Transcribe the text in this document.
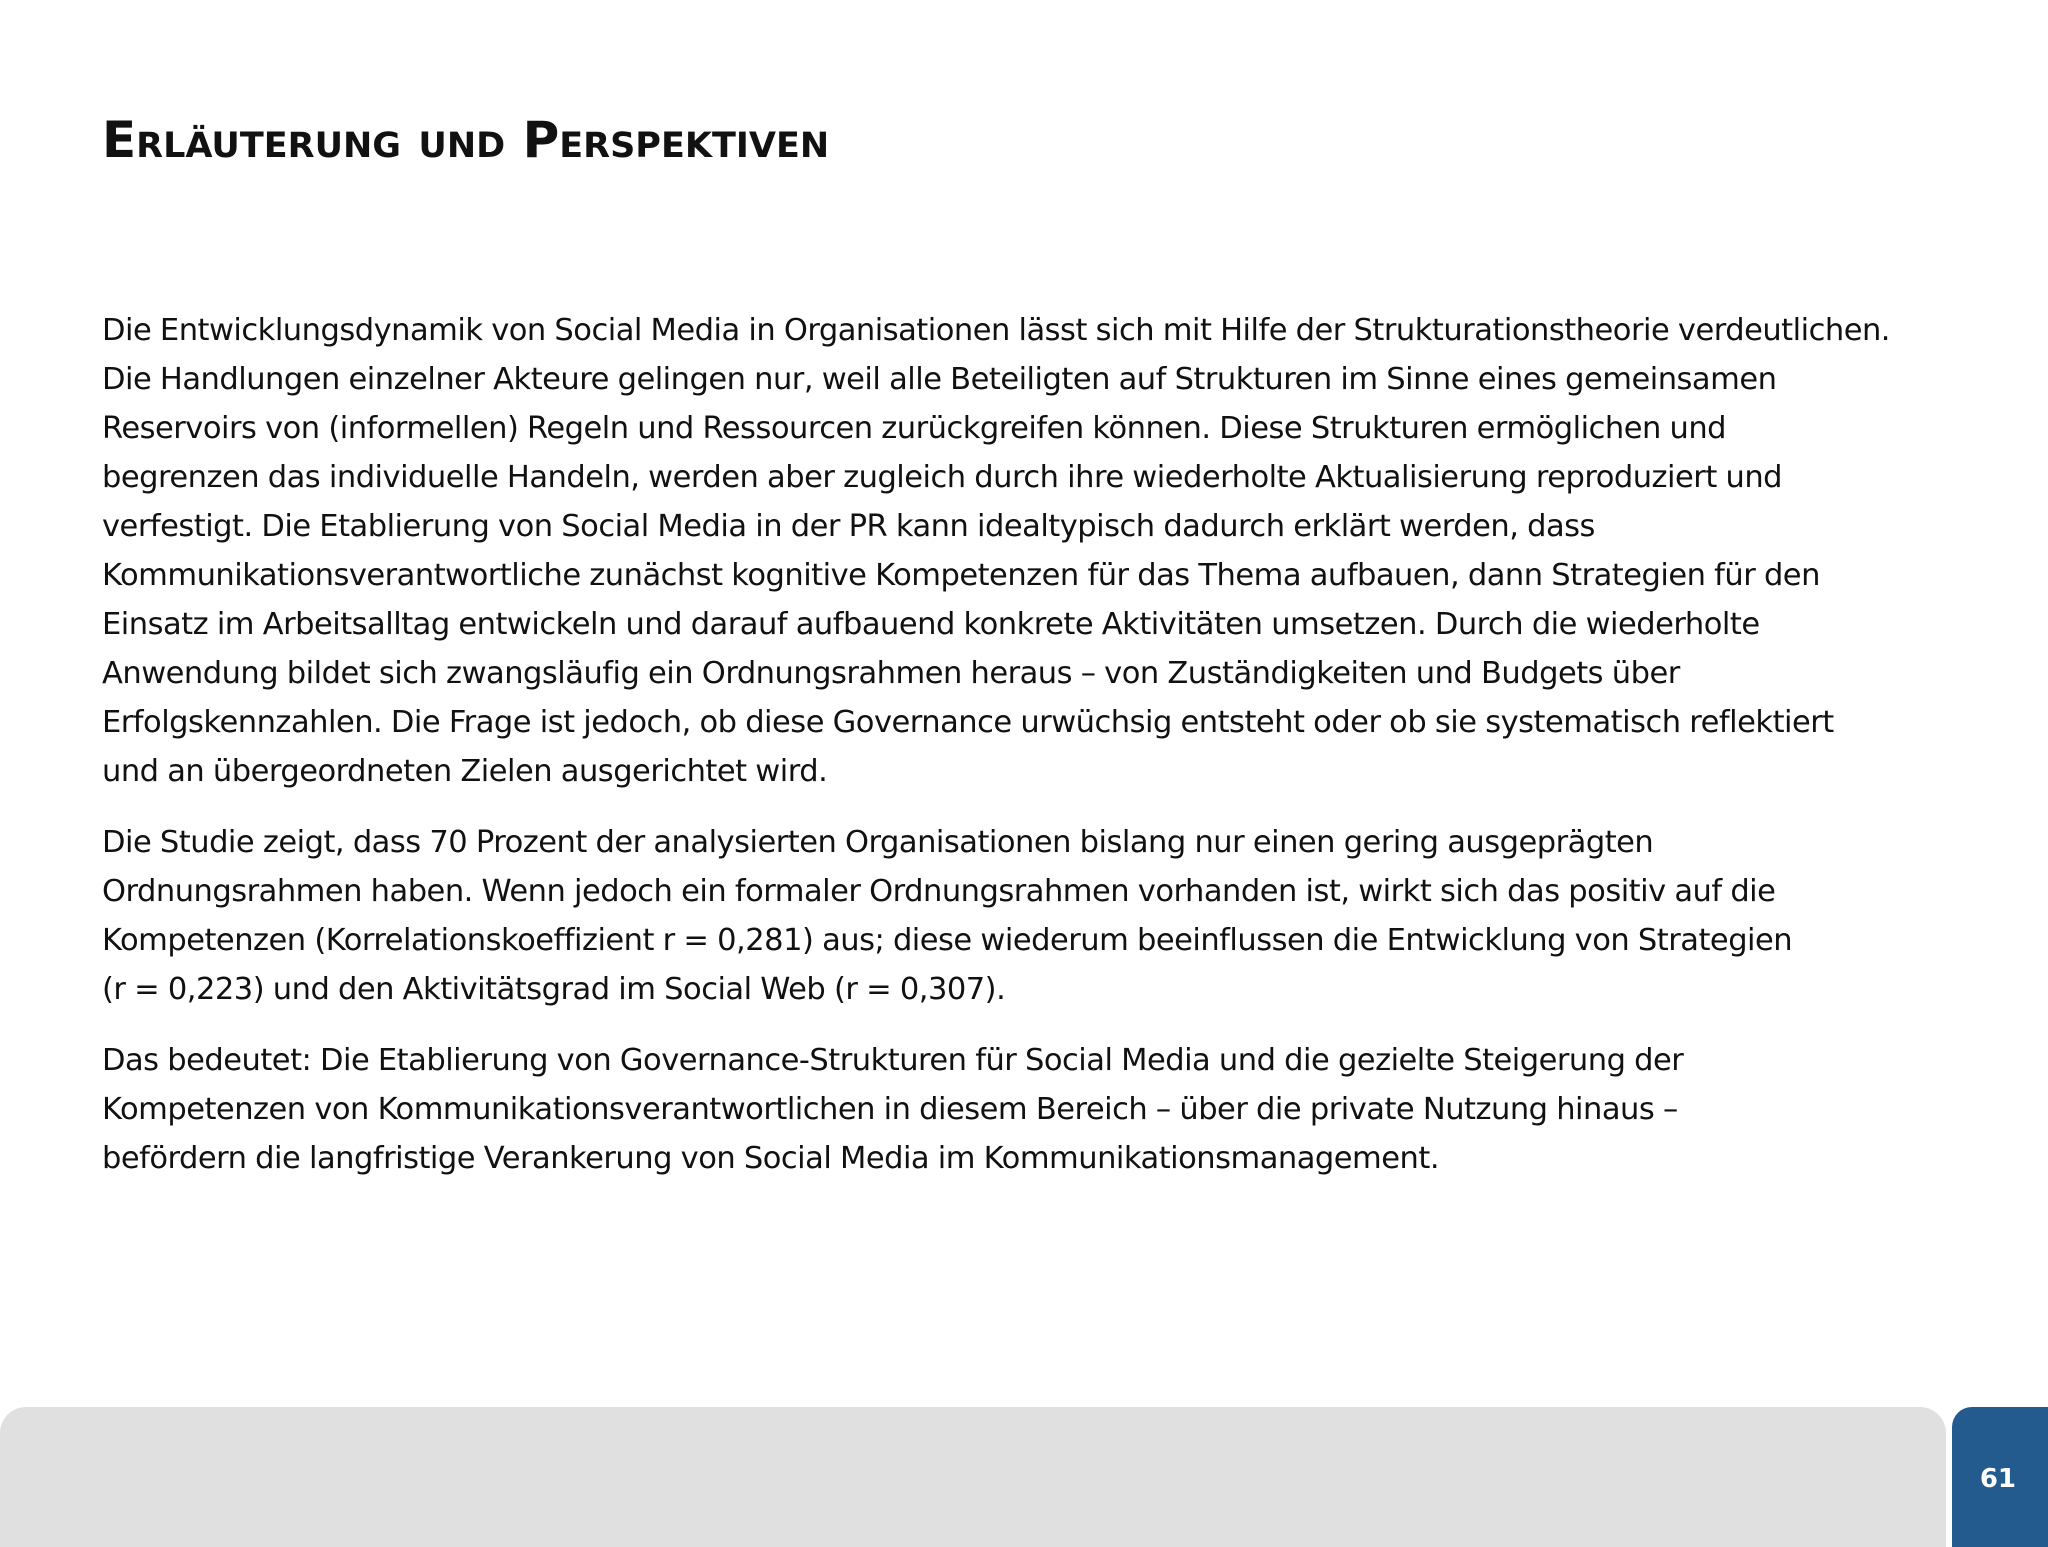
Erläuterung und Perspektiven

Die Entwicklungsdynamik von Social Media in Organisationen lässt sich mit Hilfe der Strukturationstheorie verdeutlichen.
Die Handlungen einzelner Akteure gelingen nur, weil alle Beteiligten auf Strukturen im Sinne eines gemeinsamen
Reservoirs von (informellen) Regeln und Ressourcen zurückgreifen können. Diese Strukturen ermöglichen und
begrenzen das individuelle Handeln, werden aber zugleich durch ihre wiederholte Aktualisierung reproduziert und
verfestigt. Die Etablierung von Social Media in der PR kann idealtypisch dadurch erklärt werden, dass
Kommunikationsverantwortliche zunächst kognitive Kompetenzen für das Thema aufbauen, dann Strategien für den
Einsatz im Arbeitsalltag entwickeln und darauf aufbauend konkrete Aktivitäten umsetzen. Durch die wiederholte
Anwendung bildet sich zwangsläufig ein Ordnungsrahmen heraus – von Zuständigkeiten und Budgets über
Erfolgskennzahlen. Die Frage ist jedoch, ob diese Governance urwüchsig entsteht oder ob sie systematisch reflektiert
und an übergeordneten Zielen ausgerichtet wird.

Die Studie zeigt, dass 70 Prozent der analysierten Organisationen bislang nur einen gering ausgeprägten
Ordnungsrahmen haben. Wenn jedoch ein formaler Ordnungsrahmen vorhanden ist, wirkt sich das positiv auf die
Kompetenzen (Korrelationskoeffizient r = 0,281) aus; diese wiederum beeinflussen die Entwicklung von Strategien
(r = 0,223) und den Aktivitätsgrad im Social Web (r = 0,307).

Das bedeutet: Die Etablierung von Governance-Strukturen für Social Media und die gezielte Steigerung der
Kompetenzen von Kommunikationsverantwortlichen in diesem Bereich – über die private Nutzung hinaus –
befördern die langfristige Verankerung von Social Media im Kommunikationsmanagement.

61
